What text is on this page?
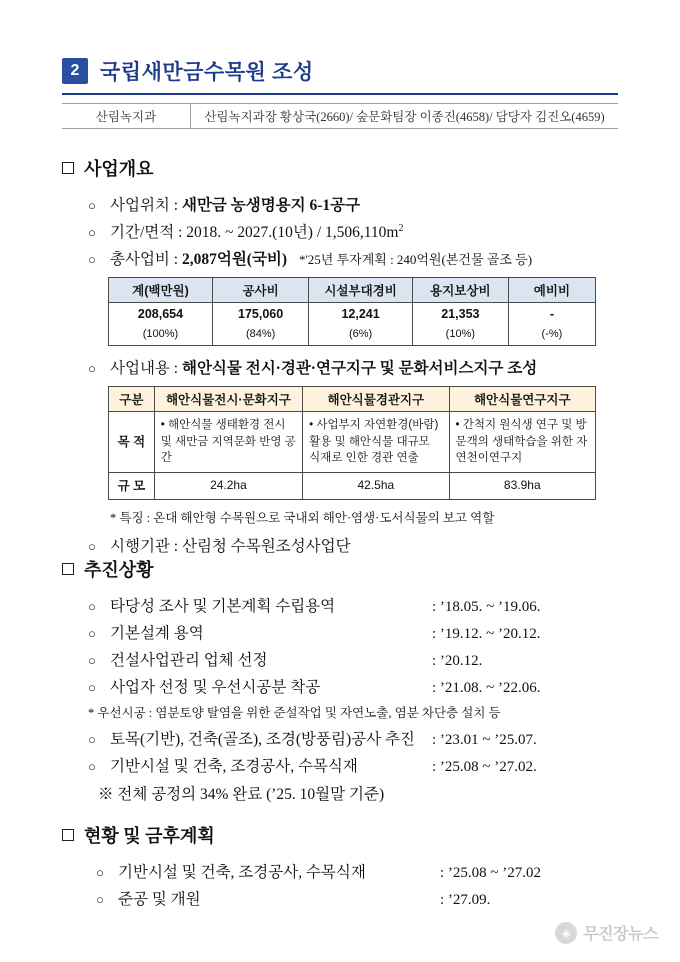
2 국립새만금수목원 조성
산림녹지과	산림녹지과장 황상국(2660)/ 숲문화팀장 이종진(4658)/ 담당자 김진오(4659)
사업개요
○ 사업위치 : 새만금 농생명용지 6-1공구
○ 기간/면적 : 2018. ~ 2027.(10년) / $1,506,110m^2$
○ 총사업비 : 2,087억원(국비) *'25년 투자계획 : 240억원(본건물 골조 등)
계(백만원)	공사비	시설부대경비	용지보상비	예비비
208,654	175,060	12,241	21,353	-
(100%)	(84%)	(6%)	(10%)	(-%)
○ 사업내용 : 해안식물 전시·경관·연구지구 및 문화서비스지구 조성
구분	해안식물전시·문화지구	해안식물경관지구	해안식물연구지구
목 적	• 해안식물 생태환경 전시 및 새만금 지역문화 반영 공간	• 사업부지 자연환경(바람) 활용 및 해안식물 대규모 식재로 인한 경관 연출	• 간척지 원식생 연구 및 방문객의 생태학습을 위한 자연천이연구지
규 모	24.2ha	42.5ha	83.9ha
* 특징 : 온대 해안형 수목원으로 국내외 해안·염생·도서식물의 보고 역할
○ 시행기관 : 산림청 수목원조성사업단
추진상황
○ 타당성 조사 및 기본계획 수립용역	: ’18.05. ~ ’19.06.
○ 기본설계 용역	: ’19.12. ~ ’20.12.
○ 건설사업관리 업체 선정	: ’20.12.
○ 사업자 선정 및 우선시공분 착공	: ’21.08. ~ ’22.06.
* 우선시공 : 염분토양 탈염을 위한 준설작업 및 자연노출, 염분 차단층 설치 등
○ 토목(기반), 건축(골조), 조경(방풍림)공사 추진	: ’23.01 ~ ’25.07.
○ 기반시설 및 건축, 조경공사, 수목식재	: ’25.08 ~ ’27.02.
※ 전체 공정의 34% 완료 (’25. 10월말 기준)
현황 및 금후계획
○ 기반시설 및 건축, 조경공사, 수목식재	: ’25.08 ~ ’27.02
○ 준공 및 개원	: ’27.09.
◈ 무진장뉴스
